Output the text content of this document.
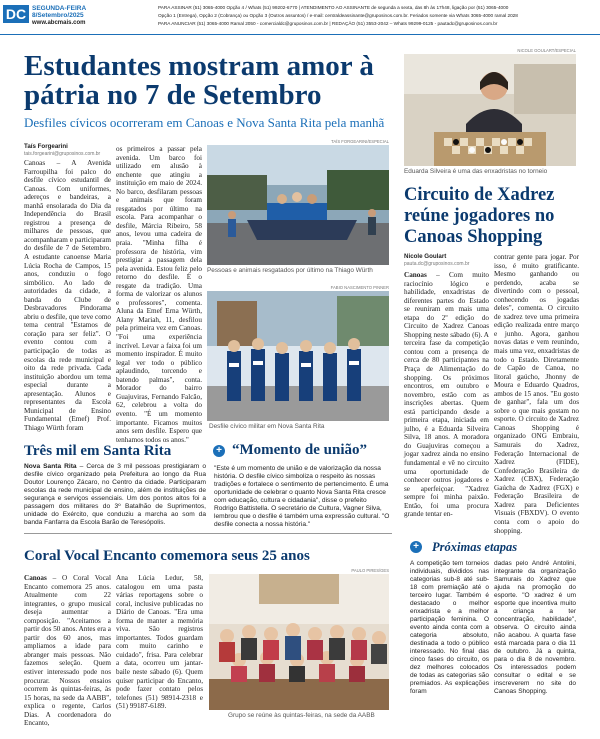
DC SEGUNDA-FEIRA
8/Setembro/2025
www.abcmais.com
PARA ASSINAR (51) 3065-4000 Opção 4 / Whats (51) 99202-6770 | ATENDIMENTO AO ASSINANTE de segunda a sexta, das 8h às 17h48, ligação por (51) 3065-4000
Opção 1 (Entrega), Opção 2 (Cobrança) ou Opção 3 (Outros assuntos) / e-mail: centraldeassinante@gruposinos.com.br. Feriados somente via Whats 3065-4000 ramal 2028
PARA ANUNCIAR (51) 3065-4000 Ramal 2050 - comercialdc@gruposinos.com.br | REDAÇÃO (51) 3553-2042 – Whats 99299-0125 - pautadc@gruposinos.com.br
Estudantes mostram amor à pátria no 7 de Setembro
Desfiles cívicos ocorreram em Canoas e Nova Santa Rita pela manhã
Taís Forgearini
tais.forgearini@gruposinos.com.br
Canoas – A Avenida Farroupilha foi palco do desfile cívico estudantil de Canoas. Com uniformes, adereços e bandeiras, a manhã ensolarada do Dia da Independência do Brasil registrou a presença de milhares de pessoas, que acompanharam e participaram do desfile de 7 de Setembro. A estudante canoense Maria Lúcia Rocha de Campos, 15 anos, conduziu o fogo simbólico. Ao lado de autoridades da cidade, a banda do Clube de Desbravadores Pindorama abriu o desfile, que teve como tema central "Estamos de coração para ser feliz". O evento contou com a participação de todas as escolas da rede municipal e oito da rede privada. Cada instituição abordou um tema especial durante a apresentação. Alunos e representantes da Escola Municipal de Ensino Fundamental (Emef) Prof. Thiago Würth foram
os primeiros a passar pela avenida. Um barco foi utilizado em alusão à enchente que atingiu a instituição em maio de 2024. No barco, desfilaram pessoas e animais que foram resgatados por último na escola. Para acompanhar o desfile, Márcia Ribeiro, 58 anos, levou uma cadeira de praia. "Minha filha é professora de história, vim prestigiar a passagem dela pela avenida. Estou feliz pelo retorno do desfile. É o resgate da tradição. Uma forma de valorizar os alunos e professores", comenta. Aluna da Emef Erna Würth, Alany Mariah, 11, desfilou pela primeira vez em Canoas. "Foi uma experiência incrível. Levar a faixa foi um momento inspirador. É muito legal ver todo o público aplaudindo, torcendo e batendo palmas", conta. Morador do bairro Guajuviras, Fernando Falcão, 62, celebrou a volta do evento. "É um momento importante. Ficamos muitos anos sem desfile. Espero que tenhamos todos os anos."
TAÍS FORGEARINI/ESPECIAL
Pessoas e animais resgatados por último na Thiago Würth
FABIO NASCIMENTO PINNER
Desfile cívico militar em Nova Santa Rita
Três mil em Santa Rita
Nova Santa Rita – Cerca de 3 mil pessoas prestigiaram o desfile cívico organizado pela Prefeitura ao longo da Rua Doutor Lourenço Zácaro, no Centro da cidade. Participaram escolas da rede municipal de ensino, além de instituições de segurança e serviços essenciais. Um dos pontos altos foi a passagem dos militares do 3º Batalhão de Suprimentos, unidade do Exército, que conduziu a marcha ao som da banda Fanfarra da Escola Barão de Teresópolis.
+ “Momento de união”
"Este é um momento de união e de valorização da nossa história. O desfile cívico simboliza o respeito às nossas tradições e fortalece o sentimento de pertencimento. É uma oportunidade de celebrar o quanto Nova Santa Rita cresce com educação, cultura e cidadania", disse o prefeito Rodrigo Battistella. O secretário de Cultura, Vagner Silva, lembrou que o desfile é também uma expressão cultural. "O desfile conecta a nossa história."
Coral Vocal Encanto comemora seus 25 anos
Canoas – O Coral Vocal Encanto comemora 25 anos. Atualmente com 22 integrantes, o grupo musical deseja aumentar a composição. "Aceitamos a partir dos 50 anos. Antes era a partir dos 60 anos, mas ampliamos a idade para abranger mais pessoas. Não fazemos seleção. Quem estiver interessado pode nos procurar. Nossos ensaios ocorrem às quintas-feiras, às 15 horas, na sede da AABB", explica o regente, Carlos Dias. A coordenadora do Encanto,
Ana Lúcia Ledur, 58, catalogou em uma pasta várias reportagens sobre o coral, inclusive publicadas no Diário de Canoas. "Era uma forma de manter a memória viva. São registros importantes. Todos guardam com muito carinho e cuidado", frisa. Para celebrar a data, ocorreu um jantar-baile neste sábado (6). Quem quiser participar do Encanto, pode fazer contato pelos telefones (51) 98914-2318 e (51) 99187-6189.
PAULO PIRES/GES
Grupo se reúne às quintas-feiras, na sede da AABB
NICOLE GOULART/ESPECIAL
Eduarda Silveira é uma das enxadristas no torneio
Circuito de Xadrez reúne jogadores no Canoas Shopping
Nicole Goulart
pauta.dc@gruposinos.com.br
Canoas – Com muito raciocínio lógico e habilidade, enxadristas de diferentes partes do Estado se reuniram em mais uma etapa do 2º edição do Circuito de Xadrez Canoas Shopping neste sábado (6). A terceira fase da competição contou com a presença de cerca de 80 participantes na Praça de Alimentação do shopping. Os próximos encontros, em outubro e novembro, estão com as inscrições abertas. Quem está participando desde a primeira etapa, iniciada em julho, é a Eduarda Silveira Silva, 18 anos. A moradora do Guajuviras começou a jogar xadrez ainda no ensino fundamental e vê no circuito uma oportunidade de conhecer outros jogadores e se aperfeiçoar. "Xadrez sempre foi minha paixão. Então, foi uma procura grande tentar en-
contrar gente para jogar. Por isso, é muito gratificante. Mesmo ganhando ou perdendo, acaba se divertindo com o pessoal, conhecendo os jogadas deles", comenta. O circuito de xadrez teve uma primeira edição realizada entre março e junho. Agora, ganhou novas datas e vem reunindo, mais uma vez, enxadristas de todo o Estado. Diretamente de Capão de Canoa, no litoral gaúcho, Jhonny de Moura e Eduardo Quadros, ambos de 15 anos. "Eu gosto de ganhar", fala um dos sobre o que mais gostam no esporte. O circuito de Xadrez Canoas Shopping é organizado ONG Embraiu, Samurais do Xadrez, Federação Internacional de Xadrez (FIDE), Confederação Brasileira de Xadrez (CBX), Federação Gaúcha de Xadrez (FGX) e Federação Brasileira de Xadrez para Deficientes Visuais (FBXDV). O evento conta com o apoio do shopping.
+ Próximas etapas
A competição tem torneios individuais, divididos nas categorias sub-8 até sub-18 com premiação até o terceiro lugar. Também é destacado o melhor enxadrista e a melhor participação feminina. O evento ainda conta com a categoria absoluto, destinada a todo o público interessado. No final das cinco fases do circuito, os dez melhores colocados de todas as categorias são premiados. As explicações foram
dadas pelo André Antolini, integrante da organização Samurais do Xadrez que ajuda na promoção do esporte. "O xadrez é um esporte que incentiva muito a criança a ter concentração, habilidade", observa. O circuito ainda não acabou. A quarta fase está marcada para o dia 11 de outubro. Já a quinta, para o dia 8 de novembro. Os interessados podem consultar o edital e se inscreverem no site do Canoas Shopping.
